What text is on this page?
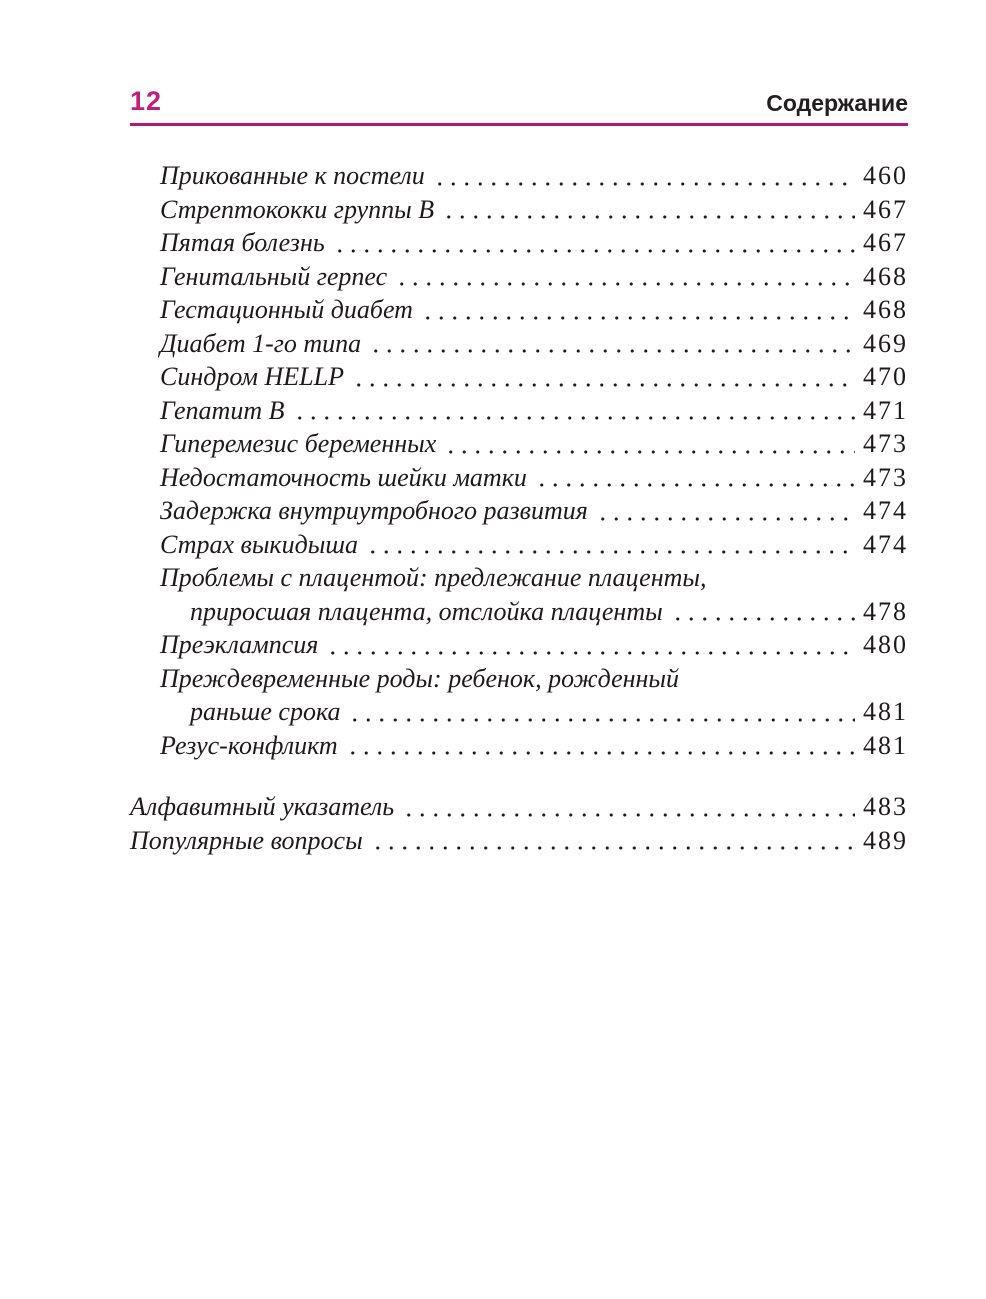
12	Содержание
Прикованные к постели	460
Стрептококки группы В	467
Пятая болезнь	467
Генитальный герпес	468
Гестационный диабет	468
Диабет 1-го типа	469
Синдром HELLP	470
Гепатит В	471
Гиперемезис беременных	473
Недостаточность шейки матки	473
Задержка внутриутробного развития	474
Страх выкидыша	474
Проблемы с плацентой: предлежание плаценты,
приросшая плацента, отслойка плаценты	478
Преэклампсия	480
Преждевременные роды: ребенок, рожденный
раньше срока	481
Резус-конфликт	481
Алфавитный указатель	483
Популярные вопросы	489
